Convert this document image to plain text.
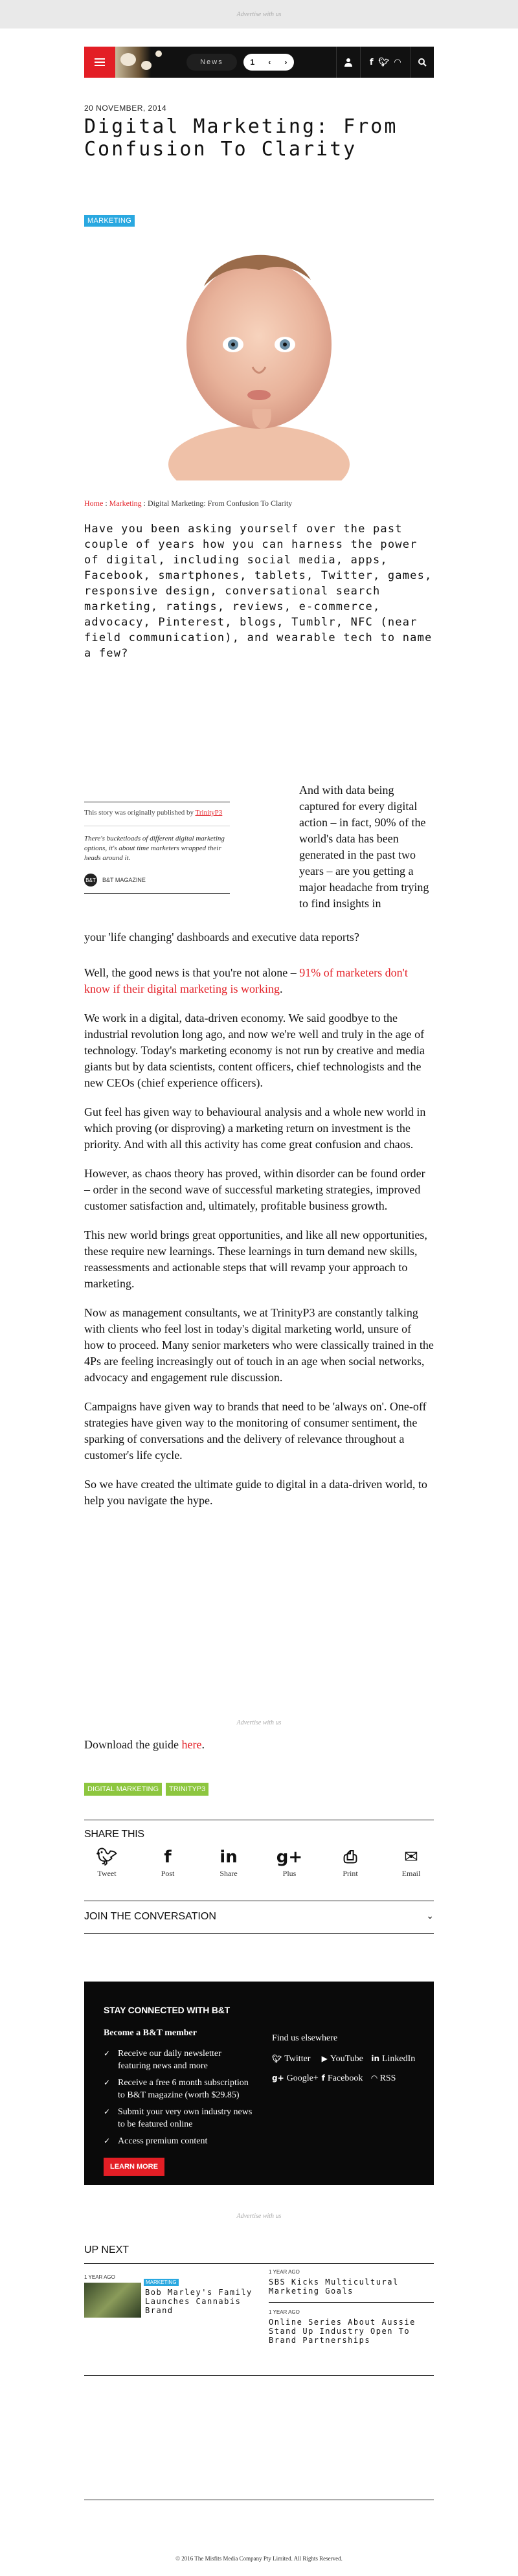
Advertise with us
News	1 ‹ ›	f 🐦︎ ◠
20 NOVEMBER, 2014
Digital Marketing: From Confusion To Clarity
MARKETING
Home : Marketing : Digital Marketing: From Confusion To Clarity

Have you been asking yourself over the past couple of years how you can harness the power of digital, including social media, apps, Facebook, smartphones, tablets, Twitter, games, responsive design, conversational search marketing, ratings, reviews, e-commerce, advocacy, Pinterest, blogs, Tumblr, NFC (near field communication), and wearable tech to name a few?

This story was originally published by TrinityP3
There's bucketloads of different digital marketing options, it's about time marketers wrapped their heads around it.
B&T B&T MAGAZINE
And with data being captured for every digital action – in fact, 90% of the world's data has been generated in the past two years – are you getting a major headache from trying to find insights in
your 'life changing' dashboards and executive data reports?

Well, the good news is that you're not alone – 91% of marketers don't know if their digital marketing is working.

We work in a digital, data-driven economy. We said goodbye to the industrial revolution long ago, and now we're well and truly in the age of technology. Today's marketing economy is not run by creative and media giants but by data scientists, content officers, chief technologists and the new CEOs (chief experience officers).

Gut feel has given way to behavioural analysis and a whole new world in which proving (or disproving) a marketing return on investment is the priority. And with all this activity has come great confusion and chaos.

However, as chaos theory has proved, within disorder can be found order – order in the second wave of successful marketing strategies, improved customer satisfaction and, ultimately, profitable business growth.

This new world brings great opportunities, and like all new opportunities, these require new learnings. These learnings in turn demand new skills, reassessments and actionable steps that will revamp your approach to marketing.

Now as management consultants, we at TrinityP3 are constantly talking with clients who feel lost in today's digital marketing world, unsure of how to proceed. Many senior marketers who were classically trained in the 4Ps are feeling increasingly out of touch in an age when social networks, advocacy and engagement rule discussion.

Campaigns have given way to brands that need to be 'always on'. One-off strategies have given way to the monitoring of consumer sentiment, the sparking of conversations and the delivery of relevance throughout a customer's life cycle.

So we have created the ultimate guide to digital in a data-driven world, to help you navigate the hype.

Advertise with us
Download the guide here.
DIGITAL MARKETING	TRINITYP3
SHARE THIS
🐦︎
Tweet
f
Post
in
Share
g+
Plus
⎙
Print
✉
Email
JOIN THE CONVERSATION	⌄
STAY CONNECTED WITH B&T
Become a B&T member
✓ Receive our daily newsletter featuring news and more
✓ Receive a free 6 month subscription to B&T magazine (worth $29.85)
✓ Submit your very own industry news to be featured online
✓ Access premium content
LEARN MORE
Find us elsewhere
🐦︎ Twitter	▶ YouTube	in LinkedIn
g+ Google+ f Facebook	◠ RSS
Advertise with us
UP NEXT
1 YEAR AGO
MARKETING
Bob Marley's Family Launches Cannabis Brand
1 YEAR AGO
SBS Kicks Multicultural Marketing Goals
1 YEAR AGO
Online Series About Aussie Stand Up Industry Open To Brand Partnerships
© 2016 The Misfits Media Company Pty Limited. All Rights Reserved.
